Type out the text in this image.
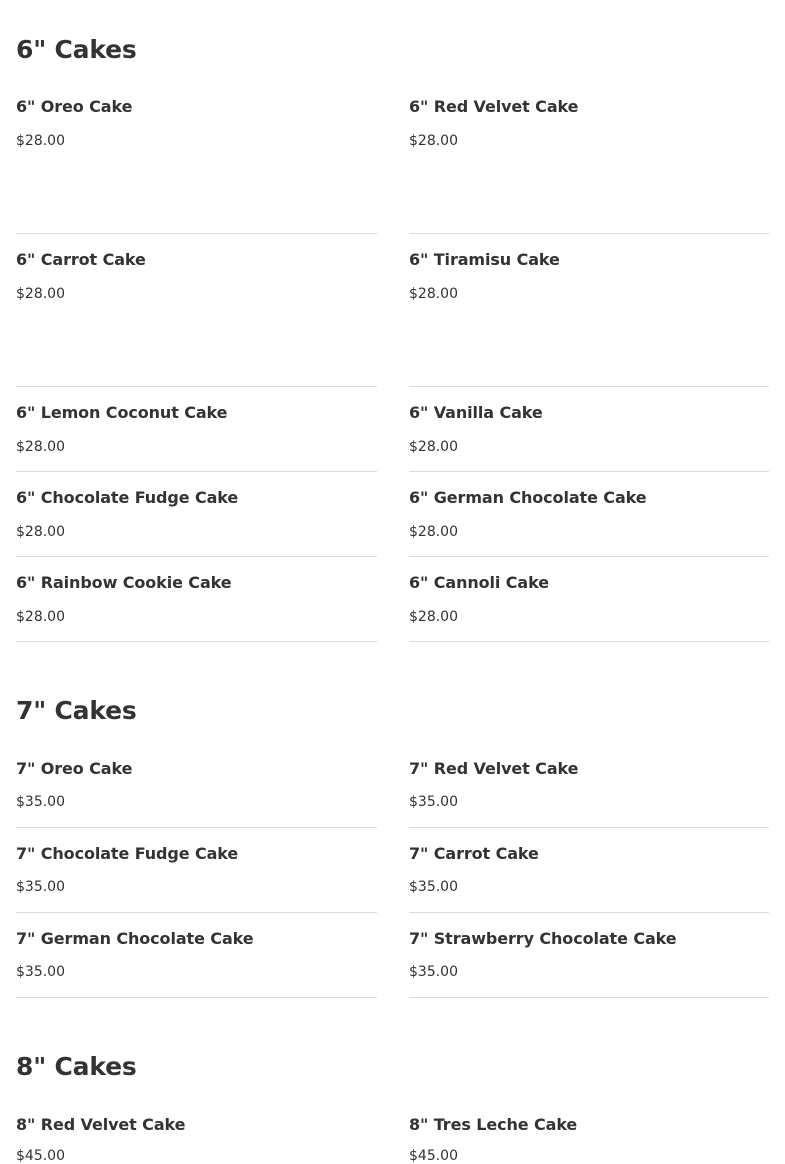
6" Cakes
6" Oreo Cake
$28.00
6" Red Velvet Cake
$28.00
6" Carrot Cake
$28.00
6" Tiramisu Cake
$28.00
6" Lemon Coconut Cake
$28.00
6" Vanilla Cake
$28.00
6" Chocolate Fudge Cake
$28.00
6" German Chocolate Cake
$28.00
6" Rainbow Cookie Cake
$28.00
6" Cannoli Cake
$28.00
7" Cakes
7" Oreo Cake
$35.00
7" Red Velvet Cake
$35.00
7" Chocolate Fudge Cake
$35.00
7" Carrot Cake
$35.00
7" German Chocolate Cake
$35.00
7" Strawberry Chocolate Cake
$35.00
8" Cakes
8" Red Velvet Cake
$45.00
8" Tres Leche Cake
$45.00
